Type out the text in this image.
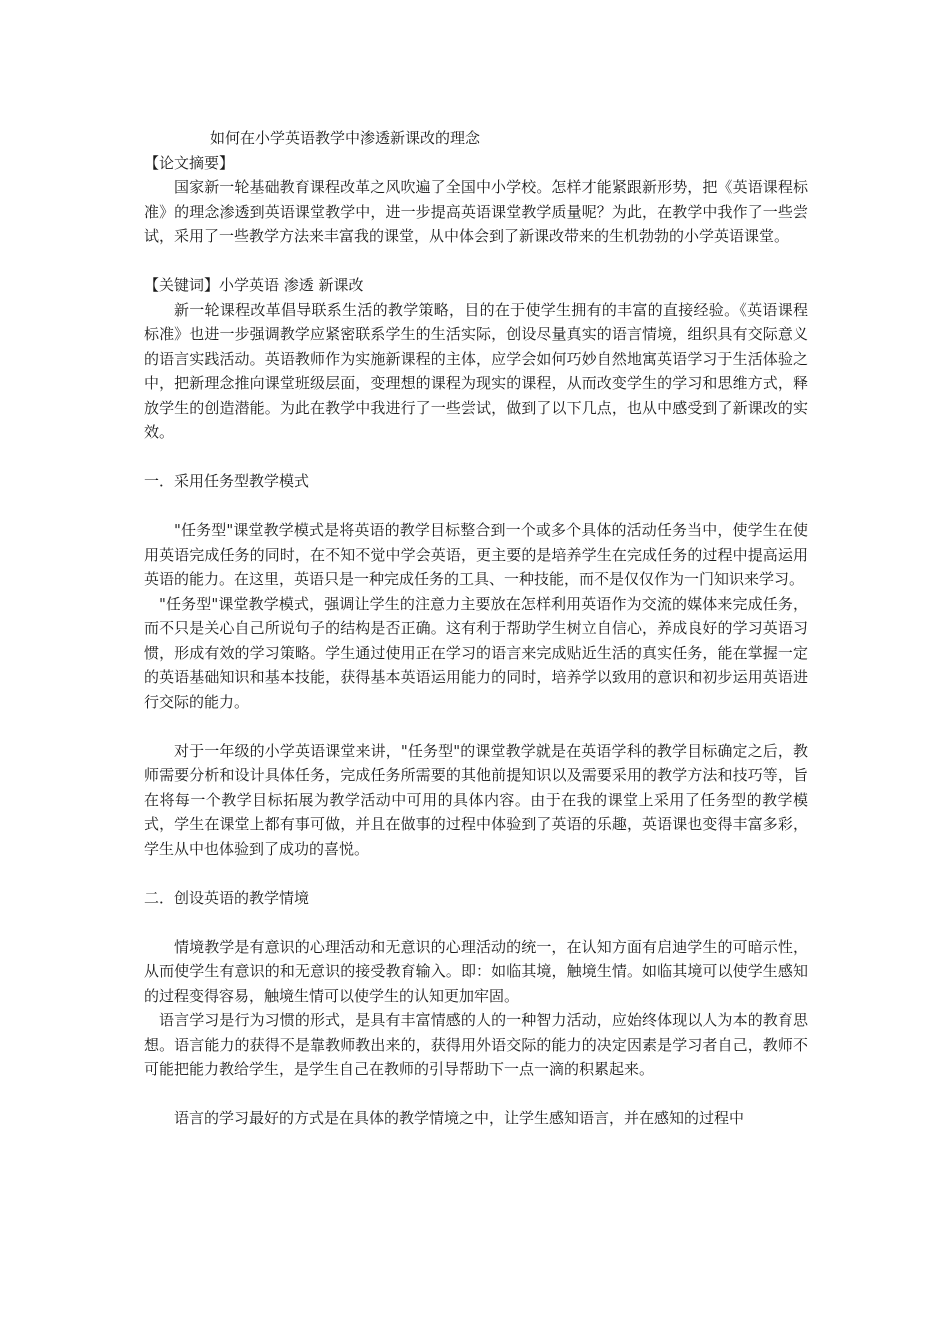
如何在小学英语教学中渗透新课改的理念

【论文摘要】

国家新一轮基础教育课程改革之风吹遍了全国中小学校。怎样才能紧跟新形势，把《英语课程标准》的理念渗透到英语课堂教学中，进一步提高英语课堂教学质量呢？为此，在教学中我作了一些尝试，采用了一些教学方法来丰富我的课堂，从中体会到了新课改带来的生机勃勃的小学英语课堂。

【关键词】小学英语 渗透 新课改

新一轮课程改革倡导联系生活的教学策略，目的在于使学生拥有的丰富的直接经验。《英语课程标准》也进一步强调教学应紧密联系学生的生活实际，创设尽量真实的语言情境，组织具有交际意义的语言实践活动。英语教师作为实施新课程的主体，应学会如何巧妙自然地寓英语学习于生活体验之中，把新理念推向课堂班级层面，变理想的课程为现实的课程，从而改变学生的学习和思维方式，释放学生的创造潜能。为此在教学中我进行了一些尝试，做到了以下几点，也从中感受到了新课改的实效。

一．采用任务型教学模式

"任务型"课堂教学模式是将英语的教学目标整合到一个或多个具体的活动任务当中，使学生在使用英语完成任务的同时，在不知不觉中学会英语，更主要的是培养学生在完成任务的过程中提高运用英语的能力。在这里，英语只是一种完成任务的工具、一种技能，而不是仅仅作为一门知识来学习。

"任务型"课堂教学模式，强调让学生的注意力主要放在怎样利用英语作为交流的媒体来完成任务，而不只是关心自己所说句子的结构是否正确。这有利于帮助学生树立自信心，养成良好的学习英语习惯，形成有效的学习策略。学生通过使用正在学习的语言来完成贴近生活的真实任务，能在掌握一定的英语基础知识和基本技能，获得基本英语运用能力的同时，培养学以致用的意识和初步运用英语进行交际的能力。

对于一年级的小学英语课堂来讲，"任务型"的课堂教学就是在英语学科的教学目标确定之后，教师需要分析和设计具体任务，完成任务所需要的其他前提知识以及需要采用的教学方法和技巧等，旨在将每一个教学目标拓展为教学活动中可用的具体内容。由于在我的课堂上采用了任务型的教学模式，学生在课堂上都有事可做，并且在做事的过程中体验到了英语的乐趣，英语课也变得丰富多彩，学生从中也体验到了成功的喜悦。

二．创设英语的教学情境

情境教学是有意识的心理活动和无意识的心理活动的统一，在认知方面有启迪学生的可暗示性，从而使学生有意识的和无意识的接受教育输入。即：如临其境，触境生情。如临其境可以使学生感知的过程变得容易，触境生情可以使学生的认知更加牢固。

语言学习是行为习惯的形式，是具有丰富情感的人的一种智力活动，应始终体现以人为本的教育思想。语言能力的获得不是靠教师教出来的，获得用外语交际的能力的决定因素是学习者自己，教师不可能把能力教给学生，是学生自己在教师的引导帮助下一点一滴的积累起来。

语言的学习最好的方式是在具体的教学情境之中，让学生感知语言，并在感知的过程中
